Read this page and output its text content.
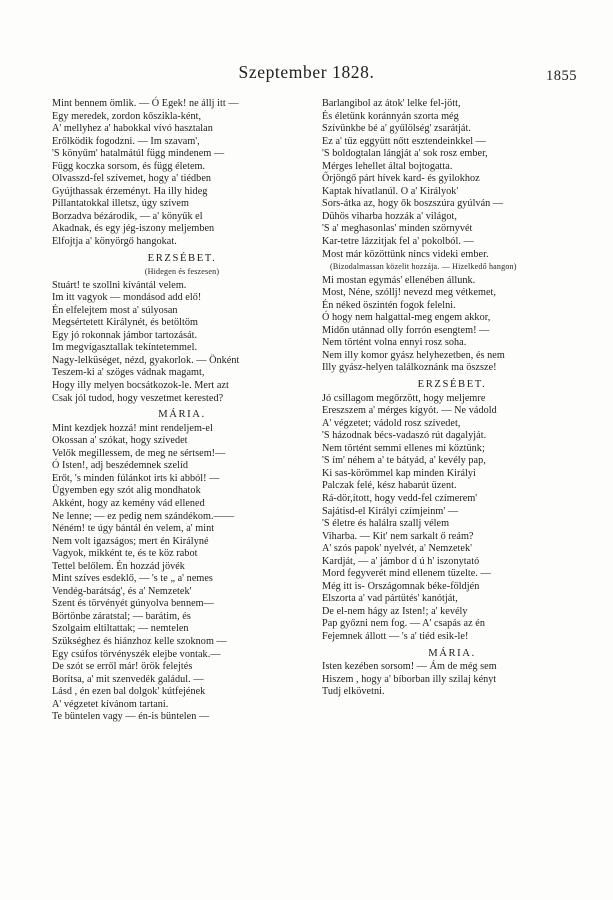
Szeptember 1828.	1855
Mint bennem ömlik. — Ó Egek! ne állj itt —
Egy meredek, zordon kőszikla-ként,
A' mellyhez a' habokkal vívó hasztalan
Erőlködik fogodzni. — Im szavam',
'S könyűm' hatalmátúl függ mindenem —
Függ koczka sorsom, és függ életem.
Olvasszd-fel szívemet, hogy a' tiédben
Gyújthassak érzeményt. Ha illy hideg
Pillantatokkal illetsz, úgy szívem
Borzadva bézárodik, — a' könyűk el
Akadnak, és egy jég-iszony meljemben
Elfojtja a' könyörgő hangokat.
ERZSÉBET.
(Hidegen és feszesen)
Stuárt! te szollni kívántál velem.
Im itt vagyok — mondásod add elő!
Én elfelejtem most a' súlyosan
Megsértetett Királynét, és betöltöm
Egy jó rokonnak jámbor tartozását.
Im megvígasztallak tekíntetemmel.
Nagy-lelküséget, nézd, gyakorlok. — Önként
Teszem-ki a' szöges vádnak magamt,
Hogy illy melyen bocsátkozok-le. Mert azt
Csak jól tudod, hogy veszetmet kerested?
MÁRIA.
Mint kezdjek hozzá! mint rendeljem-el
Okossan a' szókat, hogy szívedet
Velők megillessem, de meg ne sértsem!—
Ó Isten!, adj beszédemnek szelíd
Erőt, 's minden fúlánkot irts ki abból! —
Ügyemben egy szót alig mondhatok
Akként, hogy az kemény vád ellened
Ne lenne; — ez pedig nem szándékom.——
Néném! te úgy bántál én velem, a' mint
Nem volt igazságos; mert én Királyné
Vagyok, mikként te, és te köz rabot
Tettel belőlem. Én hozzád jövék
Mint szíves esdeklő, — 's te „ a' nemes
Vendég-barátság', és a' Nemzetek'
Szent és törvényét gúnyolva bennem—
Börtönbe záratstal; — barátim, és
Szolgaim eltiltattak; — nemtelen
Szükséghez és hiánzhoz kelle szoknom —
Egy csúfos törvényszék elejbe vontak.—
De szót se erről már! örök felejtés
Borítsa, a' mit szenvedék galádul. —
Lásd , én ezen bal dolgok' kútfejének
A' végzetet kívánom tartani.
Te büntelen vagy — én-is büntelen —
Barlangibol az átok' lelke fel-jött,
És életünk koránnyán szorta még
Szívünkbe bé a' gyűlölség' zsarátját.
Ez a' tűz eggyütt nőtt esztendeinkkel —
'S boldogtalan lángját a' sok rosz ember,
Mérges lehellet által bojtogatta.
Őrjöngő párt hívek kard- és gyilokhoz
Kaptak hívatlanúl. O a' Királyok'
Sors-átka az, hogy ők boszszúra gyúlván —
Dühös viharba hozzák a' világot,
'S a' meghasonlas' minden szörnyvét
Kar-tetre lázzitjak fel a' pokolból. —
Most már közöttünk nincs videki ember.
(Bizodalmassan közelit hozzája. — Hizelkedő hangon)
Mi mostan egymás' ellenében állunk.
Most, Néne, szóllj! nevezd meg vétkemet,
Én néked öszintén fogok felelni.
Ó hogy nem halgattal-meg engem akkor,
Midőn utánnad olly forrón esengtem! —
Nem történt volna ennyi rosz soha.
Nem illy komor gyász helyhezetben, és nem
Illy gyász-helyen találkoznánk ma öszsze!
ERZSÉBET.
Jó csillagom megőrzött, hogy meljemre
Ereszszem a' mérges kígyót. — Ne vádold
A' végzetet; vádold rosz szívedet,
'S házodnak bécs-vadaszó rút dagalyját.
Nem történt semmi ellenes mi köztünk;
'S ím' néhem a' te bátyád, a' kevély pap,
Ki sas-körömmel kap minden Királyi
Palczak felé, kész habarút üzent.
Rá-dör,ított, hogy vedd-fel czímerem'
Sajátisd-el Királyi czímjeinm' —
'S életre és halálra szallj vélem
Viharba. — Kit' nem sarkalt ő reám?
A' szós papok' nyelvét, a' Nemzetek'
Kardját, — a' jámbor d ú h' iszonytató
Mord fegyverét mind ellenem tüzelte. —
Még itt is- Országomnak béke-földjén
Elszorta a' vad pártütés' kanótját,
De el-nem hágy az Isten!; a' kevély
Pap győzni nem fog. — A' csapás az én
Fejemnek állott — 's a' tiéd esik-le!
MÁRIA.
Isten kezében sorsom! — Ám de még sem
Hiszem , hogy a' bíborban illy szilaj kényt
Tudj elkövetni.
